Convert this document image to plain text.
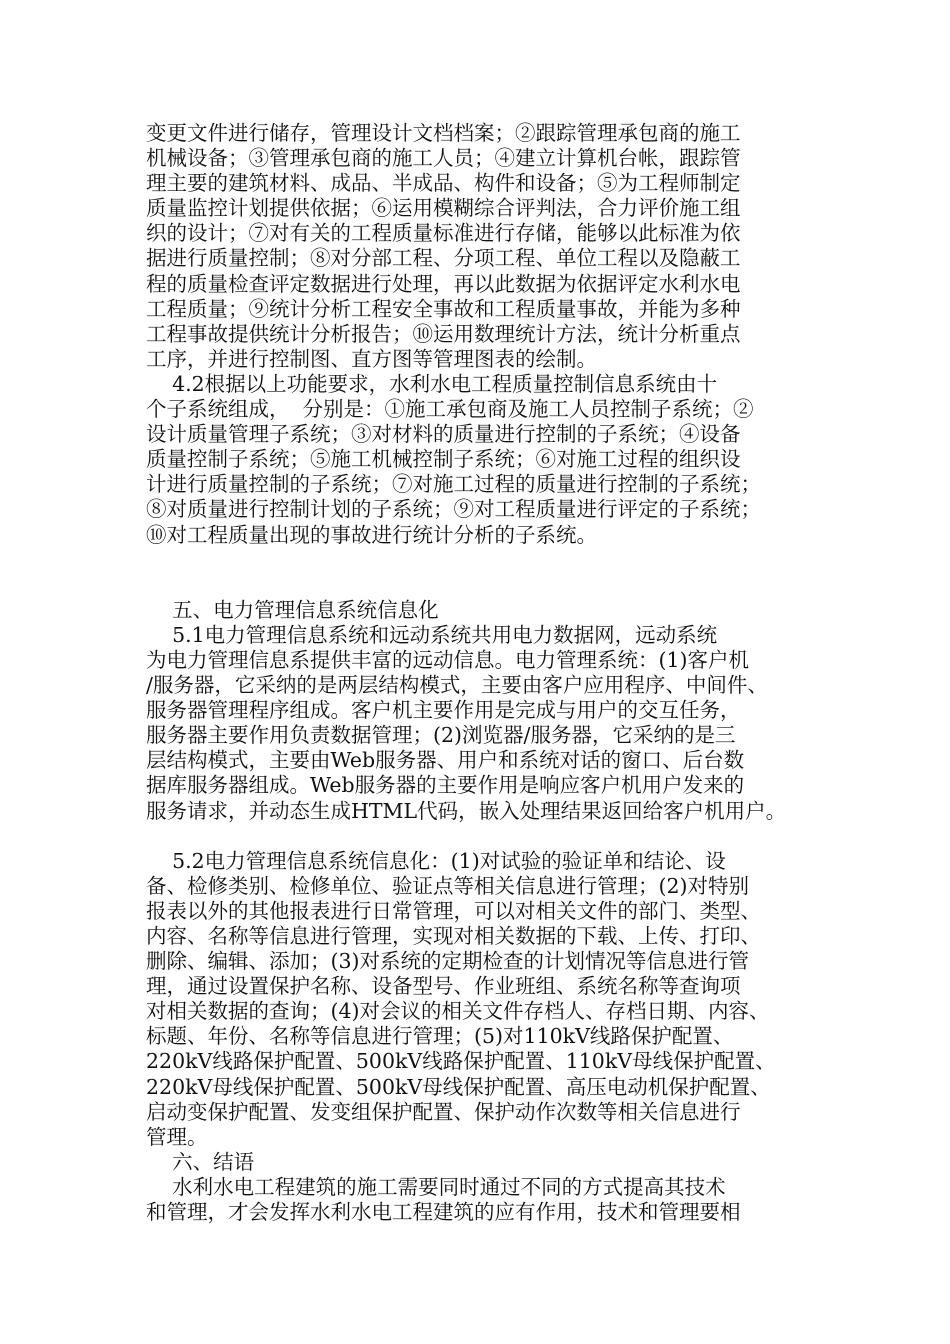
变更文件进行储存，管理设计文档档案；②跟踪管理承包商的施工
机械设备；③管理承包商的施工人员；④建立计算机台帐，跟踪管
理主要的建筑材料、成品、半成品、构件和设备；⑤为工程师制定
质量监控计划提供依据；⑥运用模糊综合评判法，合力评价施工组
织的设计；⑦对有关的工程质量标准进行存储，能够以此标准为依
据进行质量控制；⑧对分部工程、分项工程、单位工程以及隐蔽工
程的质量检查评定数据进行处理，再以此数据为依据评定水利水电
工程质量；⑨统计分析工程安全事故和工程质量事故，并能为多种
工程事故提供统计分析报告；⑩运用数理统计方法，统计分析重点
工序，并进行控制图、直方图等管理图表的绘制。
4.2根据以上功能要求，水利水电工程质量控制信息系统由十
个子系统组成，  分别是：①施工承包商及施工人员控制子系统；②
设计质量管理子系统；③对材料的质量进行控制的子系统；④设备
质量控制子系统；⑤施工机械控制子系统；⑥对施工过程的组织设
计进行质量控制的子系统；⑦对施工过程的质量进行控制的子系统；
⑧对质量进行控制计划的子系统；⑨对工程质量进行评定的子系统；
⑩对工程质量出现的事故进行统计分析的子系统。
五、电力管理信息系统信息化
5.1电力管理信息系统和远动系统共用电力数据网，远动系统
为电力管理信息系提供丰富的远动信息。电力管理系统：(1)客户机
/服务器，它采纳的是两层结构模式，主要由客户应用程序、中间件、
服务器管理程序组成。客户机主要作用是完成与用户的交互任务，
服务器主要作用负责数据管理；(2)浏览器/服务器，它采纳的是三
层结构模式，主要由Web服务器、用户和系统对话的窗口、后台数
据库服务器组成。Web服务器的主要作用是响应客户机用户发来的
服务请求，并动态生成HTML代码，嵌入处理结果返回给客户机用户。
5.2电力管理信息系统信息化：(1)对试验的验证单和结论、设
备、检修类别、检修单位、验证点等相关信息进行管理；(2)对特别
报表以外的其他报表进行日常管理，可以对相关文件的部门、类型、
内容、名称等信息进行管理，实现对相关数据的下载、上传、打印、
删除、编辑、添加；(3)对系统的定期检查的计划情况等信息进行管
理，通过设置保护名称、设备型号、作业班组、系统名称等查询项
对相关数据的查询；(4)对会议的相关文件存档人、存档日期、内容、
标题、年份、名称等信息进行管理；(5)对110kV线路保护配置、
220kV线路保护配置、500kV线路保护配置、110kV母线保护配置、
220kV母线保护配置、500kV母线保护配置、高压电动机保护配置、
启动变保护配置、发变组保护配置、保护动作次数等相关信息进行
管理。
六、结语
水利水电工程建筑的施工需要同时通过不同的方式提高其技术
和管理，才会发挥水利水电工程建筑的应有作用，技术和管理要相
